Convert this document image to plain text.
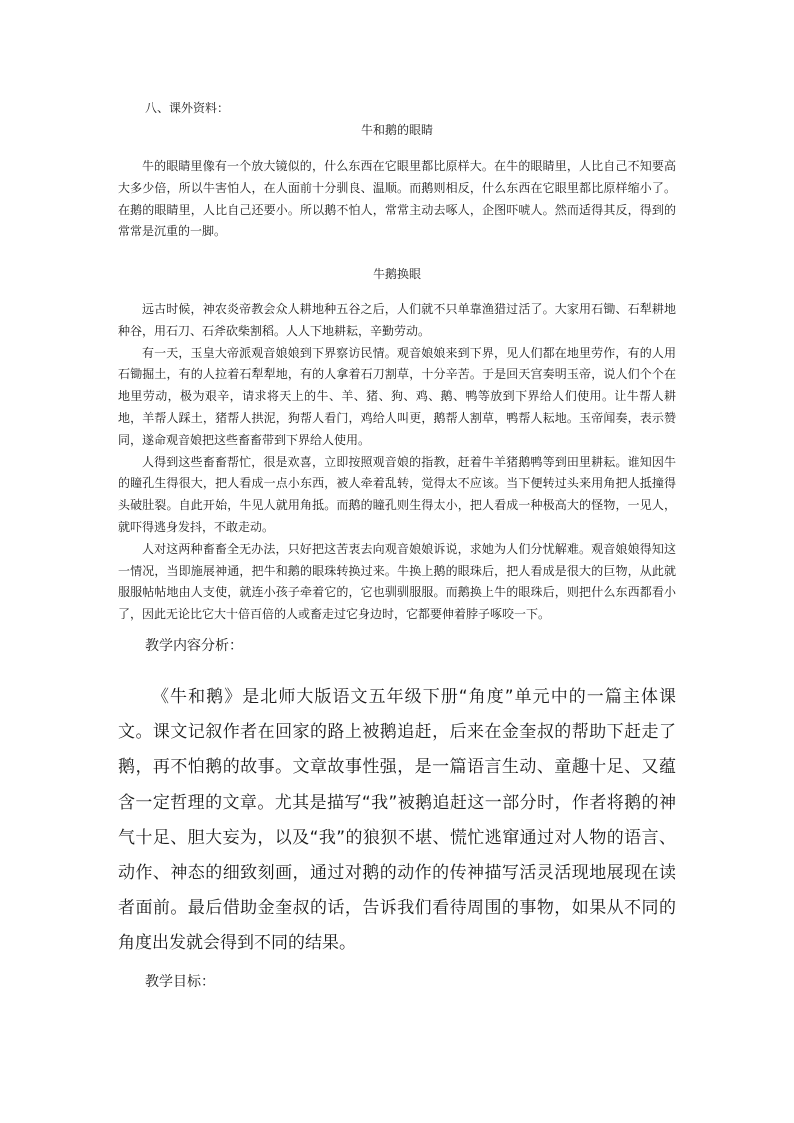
八、课外资料：

牛和鹅的眼睛

牛的眼睛里像有一个放大镜似的，什么东西在它眼里都比原样大。在牛的眼睛里，人比自己不知要高大多少倍，所以牛害怕人，在人面前十分驯良、温顺。而鹅则相反，什么东西在它眼里都比原样缩小了。在鹅的眼睛里，人比自己还要小。所以鹅不怕人，常常主动去啄人，企图吓唬人。然而适得其反，得到的常常是沉重的一脚。

牛鹅换眼

远古时候，神农炎帝教会众人耕地种五谷之后，人们就不只单靠渔猎过活了。大家用石锄、石犁耕地种谷，用石刀、石斧砍柴割稻。人人下地耕耘，辛勤劳动。

有一天，玉皇大帝派观音娘娘到下界察访民情。观音娘娘来到下界，见人们都在地里劳作，有的人用石锄掘土，有的人拉着石犁犁地，有的人拿着石刀割草，十分辛苦。于是回天宫奏明玉帝，说人们个个在地里劳动，极为艰辛，请求将天上的牛、羊、猪、狗、鸡、鹅、鸭等放到下界给人们使用。让牛帮人耕地，羊帮人踩土，猪帮人拱泥，狗帮人看门，鸡给人叫更，鹅帮人割草，鸭帮人耘地。玉帝闻奏，表示赞同，遂命观音娘把这些畜畜带到下界给人使用。

人得到这些畜畜帮忙，很是欢喜，立即按照观音娘的指教，赶着牛羊猪鹅鸭等到田里耕耘。谁知因牛的瞳孔生得很大，把人看成一点小东西，被人牵着乱转，觉得太不应该。当下便转过头来用角把人抵撞得头破肚裂。自此开始，牛见人就用角抵。而鹅的瞳孔则生得太小，把人看成一种极高大的怪物，一见人，就吓得逃身发抖，不敢走动。

人对这两种畜畜全无办法，只好把这苦衷去向观音娘娘诉说，求她为人们分忧解难。观音娘娘得知这一情况，当即施展神通，把牛和鹅的眼珠转换过来。牛换上鹅的眼珠后，把人看成是很大的巨物，从此就服服帖帖地由人支使，就连小孩子牵着它的，它也驯驯服服。而鹅换上牛的眼珠后，则把什么东西都看小了，因此无论比它大十倍百倍的人或畜走过它身边时，它都要伸着脖子啄咬一下。

教学内容分析：

《牛和鹅》是北师大版语文五年级下册“角度”单元中的一篇主体课文。课文记叙作者在回家的路上被鹅追赶，后来在金奎叔的帮助下赶走了鹅，再不怕鹅的故事。文章故事性强，是一篇语言生动、童趣十足、又蕴含一定哲理的文章。尤其是描写“我”被鹅追赶这一部分时，作者将鹅的神气十足、胆大妄为，以及“我”的狼狈不堪、慌忙逃窜通过对人物的语言、动作、神态的细致刻画，通过对鹅的动作的传神描写活灵活现地展现在读者面前。最后借助金奎叔的话，告诉我们看待周围的事物，如果从不同的角度出发就会得到不同的结果。

教学目标：
